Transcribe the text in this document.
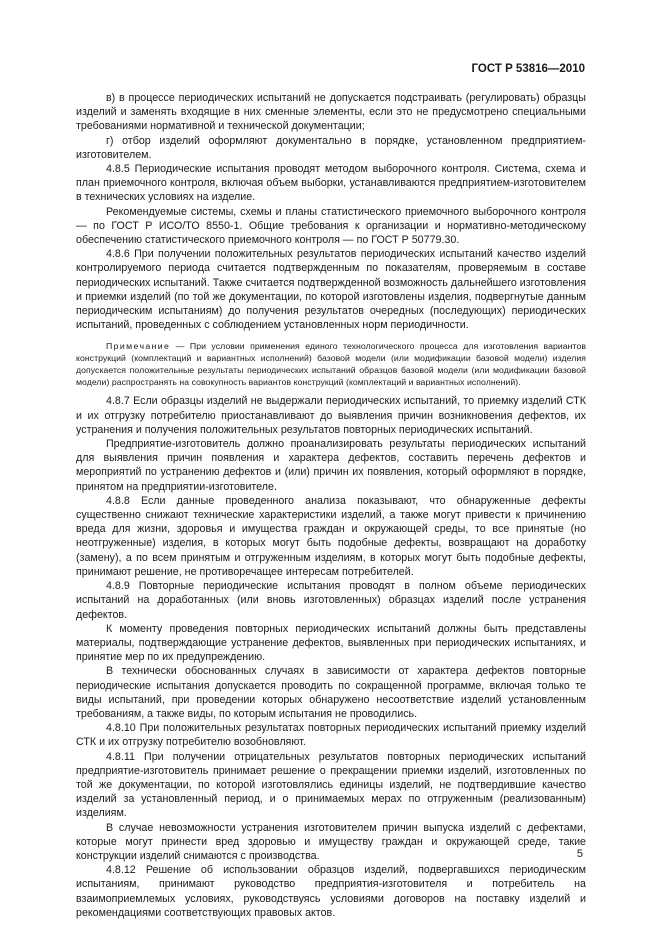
ГОСТ Р 53816—2010

в) в процессе периодических испытаний не допускается подстраивать (регулировать) образцы изделий и заменять входящие в них сменные элементы, если это не предусмотрено специальными требованиями нормативной и технической документации;

г) отбор изделий оформляют документально в порядке, установленном предприятием-изготовителем.

4.8.5 Периодические испытания проводят методом выборочного контроля. Система, схема и план приемочного контроля, включая объем выборки, устанавливаются предприятием-изготовителем в технических условиях на изделие.

Рекомендуемые системы, схемы и планы статистического приемочного выборочного контроля — по ГОСТ Р ИСО/ТО 8550-1. Общие требования к организации и нормативно-методическому обеспечению статистического приемочного контроля — по ГОСТ Р 50779.30.

4.8.6 При получении положительных результатов периодических испытаний качество изделий контролируемого периода считается подтвержденным по показателям, проверяемым в составе периодических испытаний. Также считается подтвержденной возможность дальнейшего изготовления и приемки изделий (по той же документации, по которой изготовлены изделия, подвергнутые данным периодическим испытаниям) до получения результатов очередных (последующих) периодических испытаний, проведенных с соблюдением установленных норм периодичности.

Примечание — При условии применения единого технологического процесса для изготовления вариантов конструкций (комплектаций и вариантных исполнений) базовой модели (или модификации базовой модели) изделия допускается положительные результаты периодических испытаний образцов базовой модели (или модификации базовой модели) распространять на совокупность вариантов конструкций (комплектаций и вариантных исполнений).

4.8.7 Если образцы изделий не выдержали периодических испытаний, то приемку изделий СТК и их отгрузку потребителю приостанавливают до выявления причин возникновения дефектов, их устранения и получения положительных результатов повторных периодических испытаний.

Предприятие-изготовитель должно проанализировать результаты периодических испытаний для выявления причин появления и характера дефектов, составить перечень дефектов и мероприятий по устранению дефектов и (или) причин их появления, который оформляют в порядке, принятом на предприятии-изготовителе.

4.8.8 Если данные проведенного анализа показывают, что обнаруженные дефекты существенно снижают технические характеристики изделий, а также могут привести к причинению вреда для жизни, здоровья и имущества граждан и окружающей среды, то все принятые (но неотгруженные) изделия, в которых могут быть подобные дефекты, возвращают на доработку (замену), а по всем принятым и отгруженным изделиям, в которых могут быть подобные дефекты, принимают решение, не противоречащее интересам потребителей.

4.8.9 Повторные периодические испытания проводят в полном объеме периодических испытаний на доработанных (или вновь изготовленных) образцах изделий после устранения дефектов.

К моменту проведения повторных периодических испытаний должны быть представлены материалы, подтверждающие устранение дефектов, выявленных при периодических испытаниях, и принятие мер по их предупреждению.

В технически обоснованных случаях в зависимости от характера дефектов повторные периодические испытания допускается проводить по сокращенной программе, включая только те виды испытаний, при проведении которых обнаружено несоответствие изделий установленным требованиям, а также виды, по которым испытания не проводились.

4.8.10 При положительных результатах повторных периодических испытаний приемку изделий СТК и их отгрузку потребителю возобновляют.

4.8.11 При получении отрицательных результатов повторных периодических испытаний предприятие-изготовитель принимает решение о прекращении приемки изделий, изготовленных по той же документации, по которой изготовлялись единицы изделий, не подтвердившие качество изделий за установленный период, и о принимаемых мерах по отгруженным (реализованным) изделиям.

В случае невозможности устранения изготовителем причин выпуска изделий с дефектами, которые могут принести вред здоровью и имуществу граждан и окружающей среде, такие конструкции изделий снимаются с производства.

4.8.12 Решение об использовании образцов изделий, подвергавшихся периодическим испытаниям, принимают руководство предприятия-изготовителя и потребитель на взаимоприемлемых условиях, руководствуясь условиями договоров на поставку изделий и рекомендациями соответствующих правовых актов.

5
